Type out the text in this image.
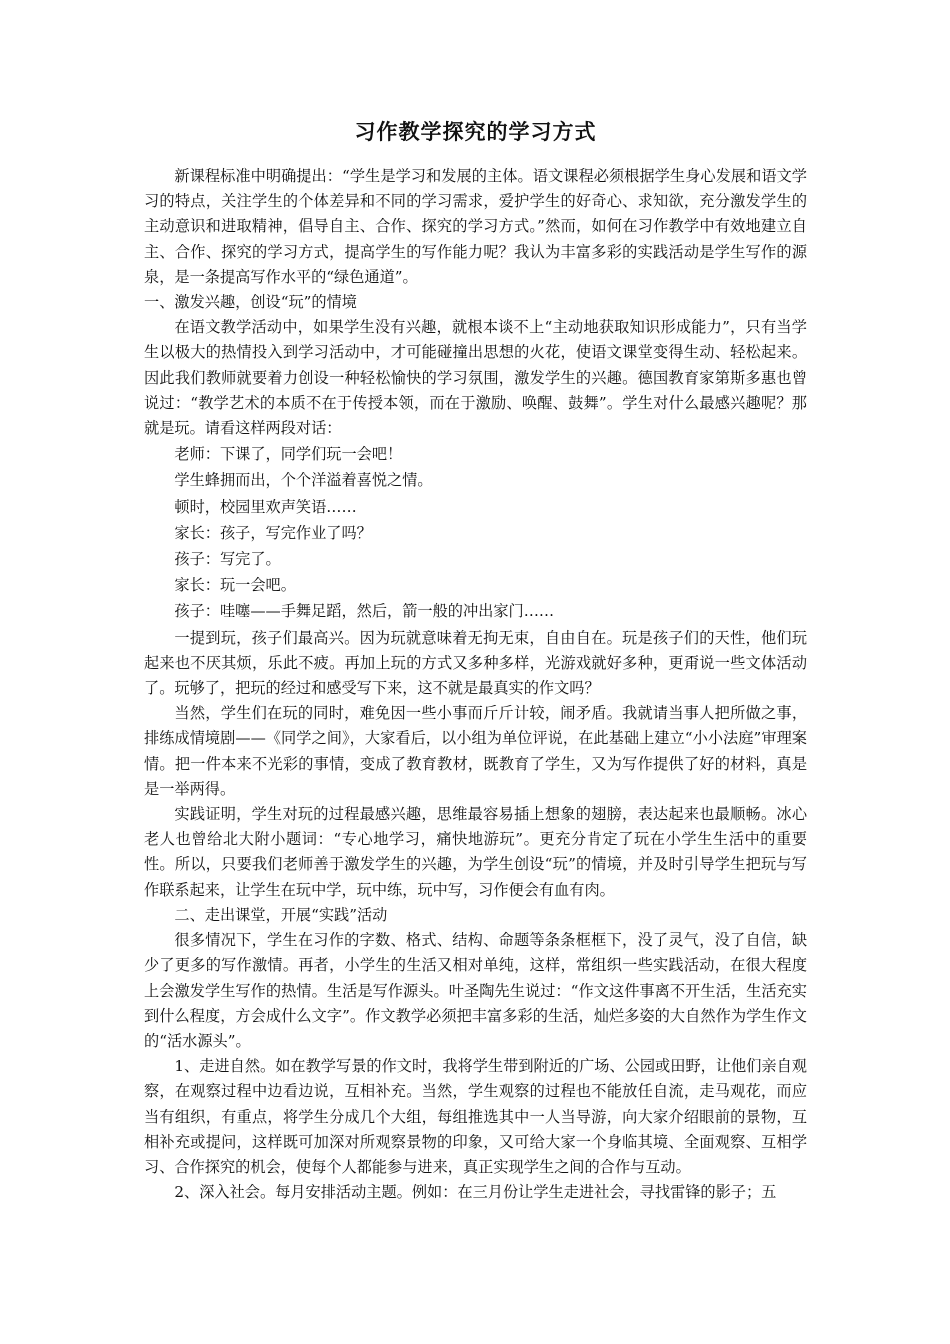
习作教学探究的学习方式

新课程标准中明确提出：“学生是学习和发展的主体。语文课程必须根据学生身心发展和语文学习的特点，关注学生的个体差异和不同的学习需求，爱护学生的好奇心、求知欲，充分激发学生的主动意识和进取精神，倡导自主、合作、探究的学习方式。”然而，如何在习作教学中有效地建立自主、合作、探究的学习方式，提高学生的写作能力呢？我认为丰富多彩的实践活动是学生写作的源泉，是一条提高写作水平的“绿色通道”。

一、激发兴趣，创设“玩”的情境

在语文教学活动中，如果学生没有兴趣，就根本谈不上“主动地获取知识形成能力”，只有当学生以极大的热情投入到学习活动中，才可能碰撞出思想的火花，使语文课堂变得生动、轻松起来。因此我们教师就要着力创设一种轻松愉快的学习氛围，激发学生的兴趣。德国教育家第斯多惠也曾说过：“教学艺术的本质不在于传授本领，而在于激励、唤醒、鼓舞”。学生对什么最感兴趣呢？那就是玩。请看这样两段对话：

老师：下课了，同学们玩一会吧！

学生蜂拥而出，个个洋溢着喜悦之情。

顿时，校园里欢声笑语……

家长：孩子，写完作业了吗？

孩子：写完了。

家长：玩一会吧。

孩子：哇噻——手舞足蹈，然后，箭一般的冲出家门……

一提到玩，孩子们最高兴。因为玩就意味着无拘无束，自由自在。玩是孩子们的天性，他们玩起来也不厌其烦，乐此不疲。再加上玩的方式又多种多样，光游戏就好多种，更甭说一些文体活动了。玩够了，把玩的经过和感受写下来，这不就是最真实的作文吗？

当然，学生们在玩的同时，难免因一些小事而斤斤计较，闹矛盾。我就请当事人把所做之事，排练成情境剧——《同学之间》，大家看后，以小组为单位评说，在此基础上建立“小小法庭”审理案情。把一件本来不光彩的事情，变成了教育教材，既教育了学生，又为写作提供了好的材料，真是是一举两得。

实践证明，学生对玩的过程最感兴趣，思维最容易插上想象的翅膀，表达起来也最顺畅。冰心老人也曾给北大附小题词：“专心地学习，痛快地游玩”。更充分肯定了玩在小学生生活中的重要性。所以，只要我们老师善于激发学生的兴趣，为学生创设“玩”的情境，并及时引导学生把玩与写作联系起来，让学生在玩中学，玩中练，玩中写，习作便会有血有肉。

二、走出课堂，开展“实践”活动

很多情况下，学生在习作的字数、格式、结构、命题等条条框框下，没了灵气，没了自信，缺少了更多的写作激情。再者，小学生的生活又相对单纯，这样，常组织一些实践活动，在很大程度上会激发学生写作的热情。生活是写作源头。叶圣陶先生说过：“作文这件事离不开生活，生活充实到什么程度，方会成什么文字”。作文教学必须把丰富多彩的生活，灿烂多姿的大自然作为学生作文的“活水源头”。

1、走进自然。如在教学写景的作文时，我将学生带到附近的广场、公园或田野，让他们亲自观察，在观察过程中边看边说，互相补充。当然，学生观察的过程也不能放任自流，走马观花，而应当有组织，有重点，将学生分成几个大组，每组推选其中一人当导游，向大家介绍眼前的景物，互相补充或提问，这样既可加深对所观察景物的印象，又可给大家一个身临其境、全面观察、互相学习、合作探究的机会，使每个人都能参与进来，真正实现学生之间的合作与互动。

2、深入社会。每月安排活动主题。例如：在三月份让学生走进社会，寻找雷锋的影子；五
